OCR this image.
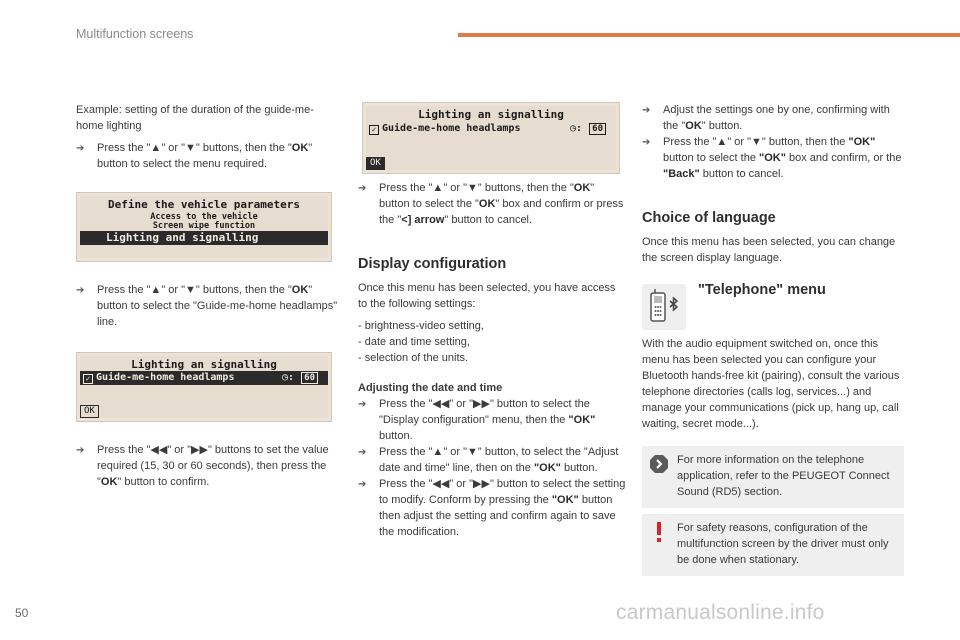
Multifunction screens
Example: setting of the duration of the guide-me-home lighting
➔	Press the "▲" or "▼" buttons, then the "OK" button to select the menu required.
Define the vehicle parameters
Access to the vehicle
Screen wipe function
Lighting and signalling
➔	Press the "▲" or "▼" buttons, then the "OK" button to select the "Guide-me-home headlamps" line.
Lighting an signalling
✓ Guide-me-home headlamps	◷:	60
OK
➔	Press the "◀◀" or "▶▶" buttons to set the value required (15, 30 or 60 seconds), then press the "OK" button to confirm.
Lighting an signalling
✓ Guide-me-home headlamps	◷:	60
OK
➔	Press the "▲" or "▼" buttons, then the "OK" button to select the "OK" box and confirm or press the "<] arrow" button to cancel.
Display configuration
Once this menu has been selected, you have access to the following settings:
- brightness-video setting,
- date and time setting,
- selection of the units.
Adjusting the date and time
➔	Press the "◀◀" or "▶▶" button to select the "Display configuration" menu, then the "OK" button.
➔	Press the "▲" or "▼" button, to select the "Adjust date and time" line, then on the "OK" button.
➔	Press the "◀◀" or "▶▶" button to select the setting to modify. Conform by pressing the "OK" button then adjust the setting and confirm again to save the modification.
➔	Adjust the settings one by one, confirming with the "OK" button.
➔	Press the "▲" or "▼" button, then the "OK" button to select the "OK" box and confirm, or the "Back" button to cancel.
Choice of language
Once this menu has been selected, you can change the screen display language.
"Telephone" menu
With the audio equipment switched on, once this menu has been selected you can configure your Bluetooth hands-free kit (pairing), consult the various telephone directories (calls log, services...) and manage your communications (pick up, hang up, call waiting, secret mode...).
For more information on the telephone application, refer to the PEUGEOT Connect Sound (RD5) section.
For safety reasons, configuration of the multifunction screen by the driver must only be done when stationary.
50	carmanualsonline.info
